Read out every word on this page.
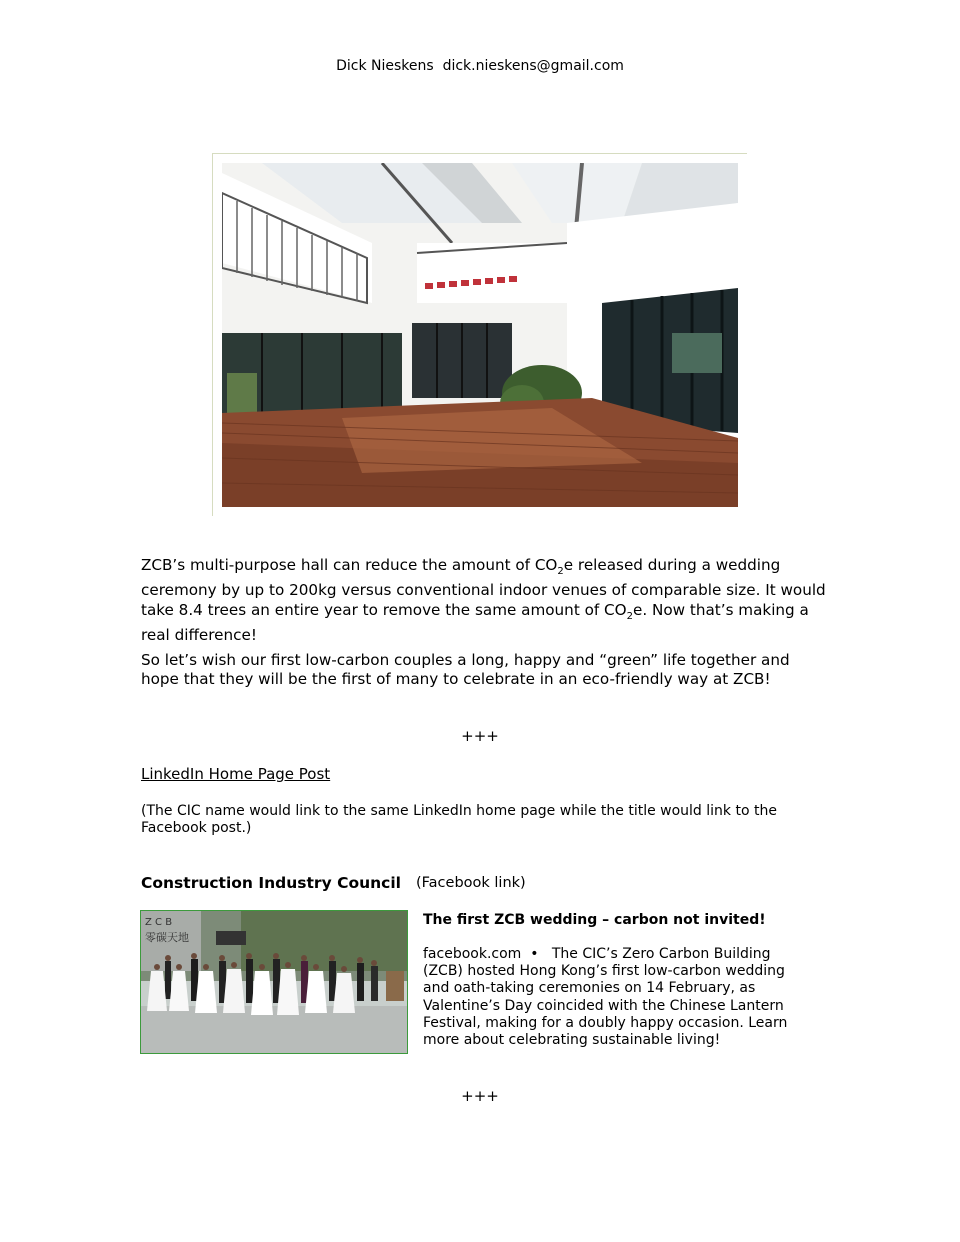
Dick Nieskens dick.nieskens@gmail.com

ZCB’s multi-purpose hall can reduce the amount of $CO_2e$ released during a wedding ceremony by up to 200kg versus conventional indoor venues of comparable size. It would take 8.4 trees an entire year to remove the same amount of $CO_2e$. Now that’s making a real difference!

So let’s wish our first low-carbon couples a long, happy and “green” life together and hope that they will be the first of many to celebrate in an eco-friendly way at ZCB!

+++
LinkedIn Home Page Post

(The CIC name would link to the same LinkedIn home page while the title would link to the Facebook post.)

Construction Industry Council (Facebook link)
Z C B
零碳天地
The first ZCB wedding – carbon not invited!

facebook.com • The CIC’s Zero Carbon Building (ZCB) hosted Hong Kong’s first low-carbon wedding and oath-taking ceremonies on 14 February, as Valentine’s Day coincided with the Chinese Lantern Festival, making for a doubly happy occasion. Learn more about celebrating sustainable living!

+++
